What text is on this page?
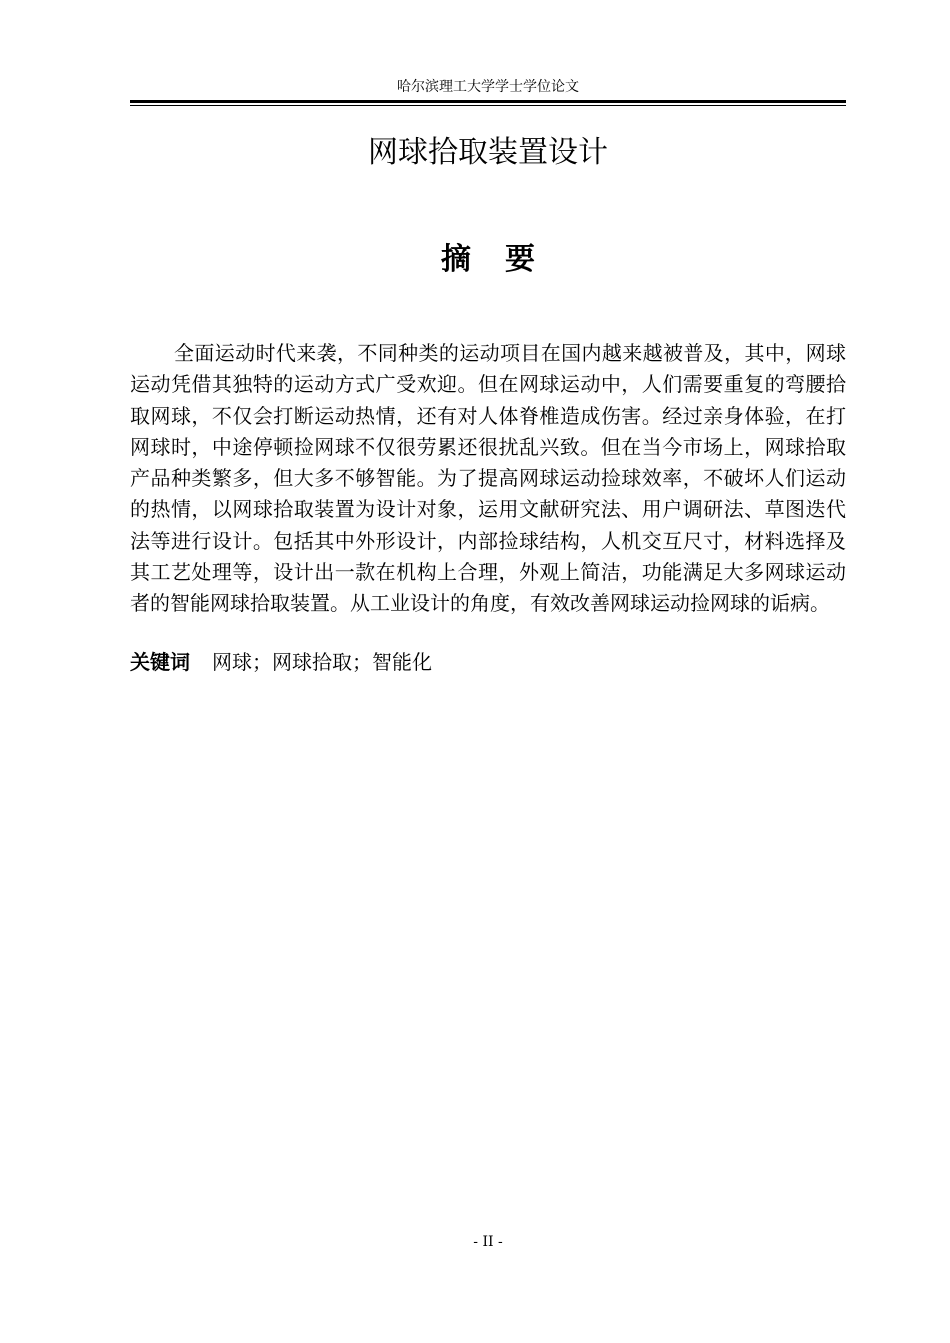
哈尔滨理工大学学士学位论文
网球拾取装置设计
摘要

全面运动时代来袭，不同种类的运动项目在国内越来越被普及，其中，网球运动凭借其独特的运动方式广受欢迎。但在网球运动中，人们需要重复的弯腰拾取网球，不仅会打断运动热情，还有对人体脊椎造成伤害。经过亲身体验，在打网球时，中途停顿捡网球不仅很劳累还很扰乱兴致。但在当今市场上，网球拾取产品种类繁多，但大多不够智能。为了提高网球运动捡球效率，不破坏人们运动的热情，以网球拾取装置为设计对象，运用文献研究法、用户调研法、草图迭代法等进行设计。包括其中外形设计，内部捡球结构，人机交互尺寸，材料选择及其工艺处理等，设计出一款在机构上合理，外观上简洁，功能满足大多网球运动者的智能网球拾取装置。从工业设计的角度，有效改善网球运动捡网球的诟病。

关键词 网球；网球拾取；智能化
- II -
